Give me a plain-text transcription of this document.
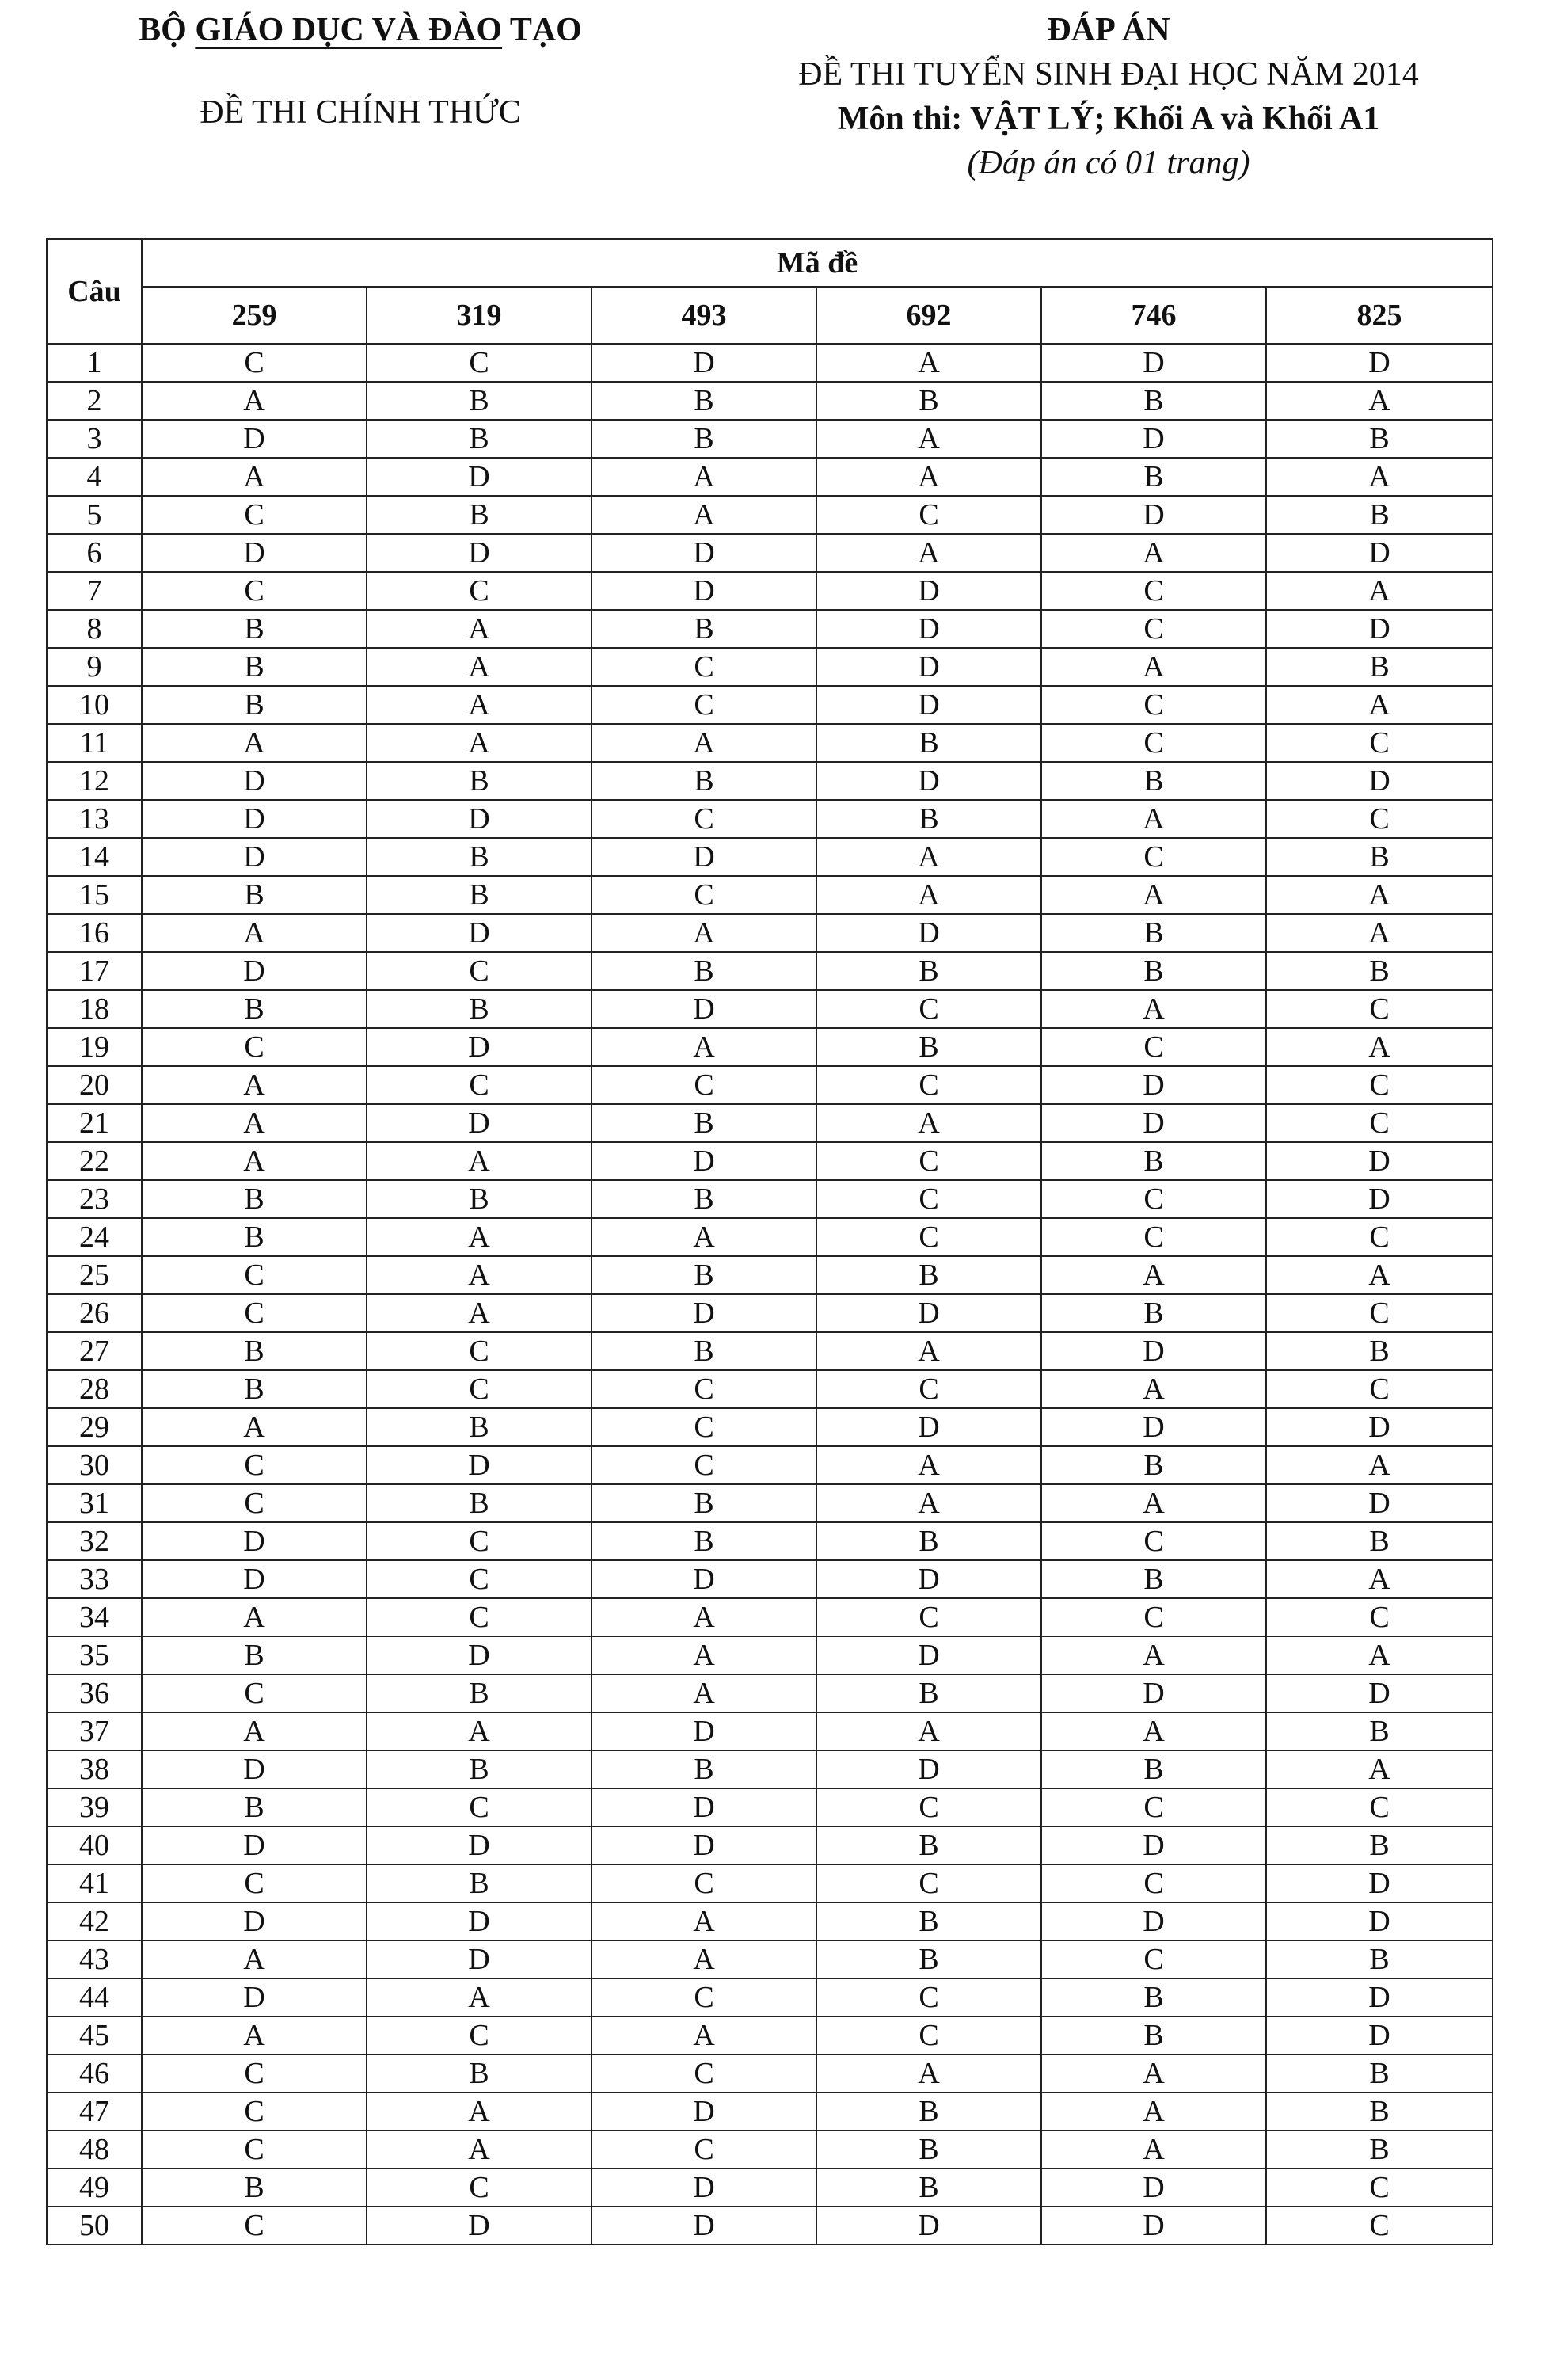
BỘ GIÁO DỤC VÀ ĐÀO TẠO
ĐỀ THI CHÍNH THỨC
ĐÁP ÁN
ĐỀ THI TUYỂN SINH ĐẠI HỌC NĂM 2014
Môn thi: VẬT LÝ; Khối A và Khối A1
(Đáp án có 01 trang)
Câu	Mã đề					
	259	319	493	692	746	825
1	C	C	D	A	D	D
2	A	B	B	B	B	A
3	D	B	B	A	D	B
4	A	D	A	A	B	A
5	C	B	A	C	D	B
6	D	D	D	A	A	D
7	C	C	D	D	C	A
8	B	A	B	D	C	D
9	B	A	C	D	A	B
10	B	A	C	D	C	A
11	A	A	A	B	C	C
12	D	B	B	D	B	D
13	D	D	C	B	A	C
14	D	B	D	A	C	B
15	B	B	C	A	A	A
16	A	D	A	D	B	A
17	D	C	B	B	B	B
18	B	B	D	C	A	C
19	C	D	A	B	C	A
20	A	C	C	C	D	C
21	A	D	B	A	D	C
22	A	A	D	C	B	D
23	B	B	B	C	C	D
24	B	A	A	C	C	C
25	C	A	B	B	A	A
26	C	A	D	D	B	C
27	B	C	B	A	D	B
28	B	C	C	C	A	C
29	A	B	C	D	D	D
30	C	D	C	A	B	A
31	C	B	B	A	A	D
32	D	C	B	B	C	B
33	D	C	D	D	B	A
34	A	C	A	C	C	C
35	B	D	A	D	A	A
36	C	B	A	B	D	D
37	A	A	D	A	A	B
38	D	B	B	D	B	A
39	B	C	D	C	C	C
40	D	D	D	B	D	B
41	C	B	C	C	C	D
42	D	D	A	B	D	D
43	A	D	A	B	C	B
44	D	A	C	C	B	D
45	A	C	A	C	B	D
46	C	B	C	A	A	B
47	C	A	D	B	A	B
48	C	A	C	B	A	B
49	B	C	D	B	D	C
50	C	D	D	D	D	C
